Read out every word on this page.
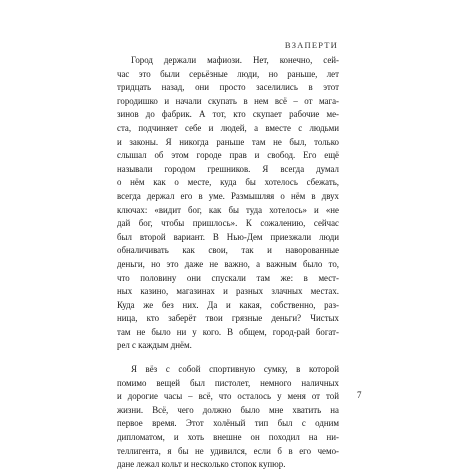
ВЗАПЕРТИ
Город держали мафиози. Нет, конечно, сей-
час это были серьёзные люди, но раньше, лет
тридцать назад, они просто заселились в этот
городишко и начали скупать в нем всё – от мага-
зинов до фабрик. А тот, кто скупает рабочие ме-
ста, подчиняет себе и людей, а вместе с людьми
и законы. Я никогда раньше там не был, только
слышал об этом городе прав и свобод. Его ещё
называли городом грешников. Я всегда думал
о нём как о месте, куда бы хотелось сбежать,
всегда держал его в уме. Размышляя о нём в двух
ключах: «видит бог, как бы туда хотелось» и «не
дай бог, чтобы пришлось». К сожалению, сейчас
был второй вариант. В Нью-Дем приезжали люди
обналичивать как свои, так и наворованные
деньги, но это даже не важно, а важным было то,
что половину они спускали там же: в мест-
ных казино, магазинах и разных злачных местах.
Куда же без них. Да и какая, собственно, раз-
ница, кто заберёт твои грязные деньги? Чистых
там не было ни у кого. В общем, город-рай богат-
рел с каждым днём.
Я вёз с собой спортивную сумку, в которой
помимо вещей был пистолет, немного наличных
и дорогие часы – всё, что осталось у меня от той
жизни. Всё, чего должно было мне хватить на
первое время. Этот холёный тип был с одним
дипломатом, и хоть внешне он походил на ни-
теллигента, я бы не удивился, если б в его чемо-
дане лежал кольт и несколько стопок купюр.
7
